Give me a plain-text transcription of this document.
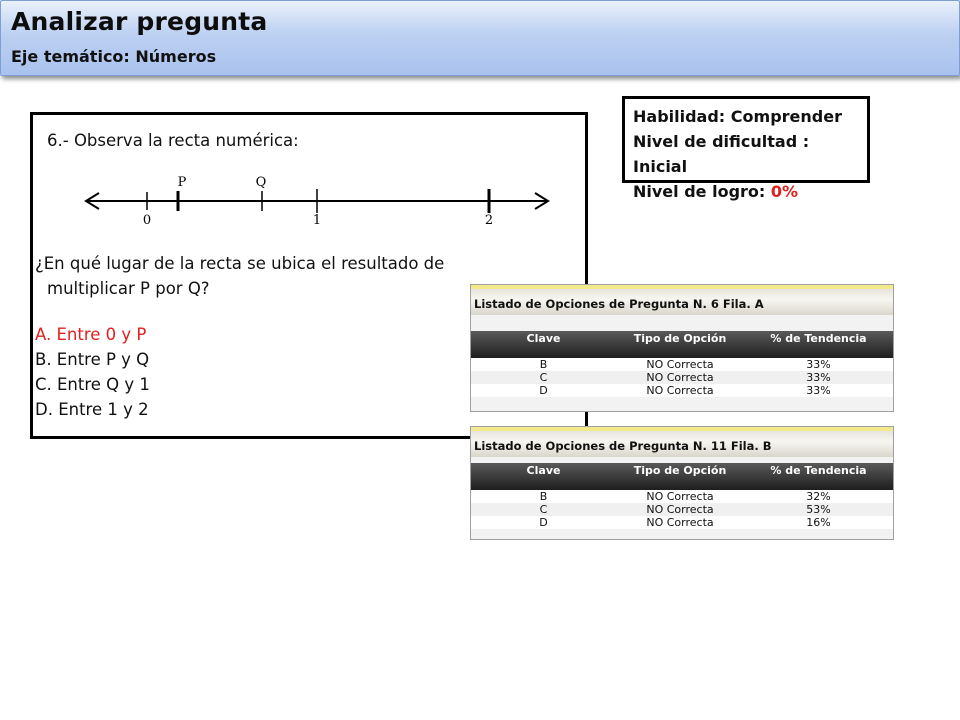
Analizar pregunta
Eje temático: Números
6.- Observa la recta numérica:
P	Q
0	1	2
¿En qué lugar de la recta se ubica el resultado de
multiplicar P por Q?
A. Entre 0 y P
B. Entre P y Q
C. Entre Q y 1
D. Entre 1 y 2
Habilidad: Comprender
Nivel de dificultad : Inicial
Nivel de logro: 0%
Listado de Opciones de Pregunta N. 6 Fila. A
Clave	Tipo de Opción	% de Tendencia
B	NO Correcta	33%
C	NO Correcta	33%
D	NO Correcta	33%
Listado de Opciones de Pregunta N. 11 Fila. B
Clave	Tipo de Opción	% de Tendencia
B	NO Correcta	32%
C	NO Correcta	53%
D	NO Correcta	16%
